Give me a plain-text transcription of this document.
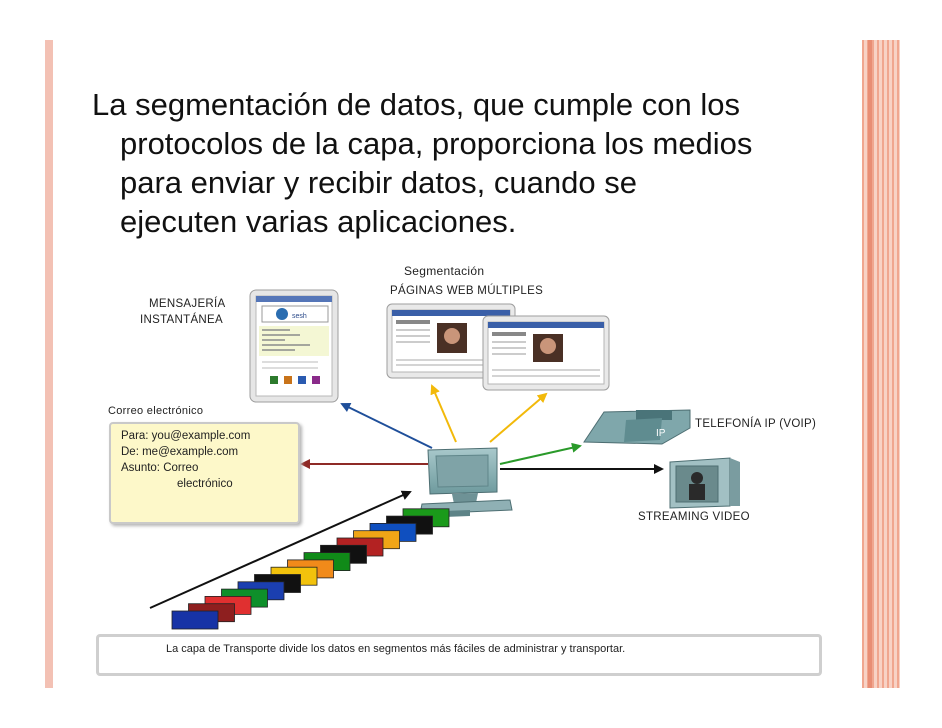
La segmentación de datos, que cumple con los
protocolos de la capa, proporciona los medios
para enviar y recibir datos, cuando se
ejecuten varias aplicaciones.
sesh
IP
Segmentación
PÁGINAS WEB MÚLTIPLES
MENSAJERÍA
INSTANTÁNEA
Correo electrónico
TELEFONÍA IP (VOIP)
STREAMING VIDEO
Para: you@example.com
De: me@example.com
Asunto: Correo
electrónico
La capa de Transporte divide los datos en segmentos más fáciles de administrar y transportar.
